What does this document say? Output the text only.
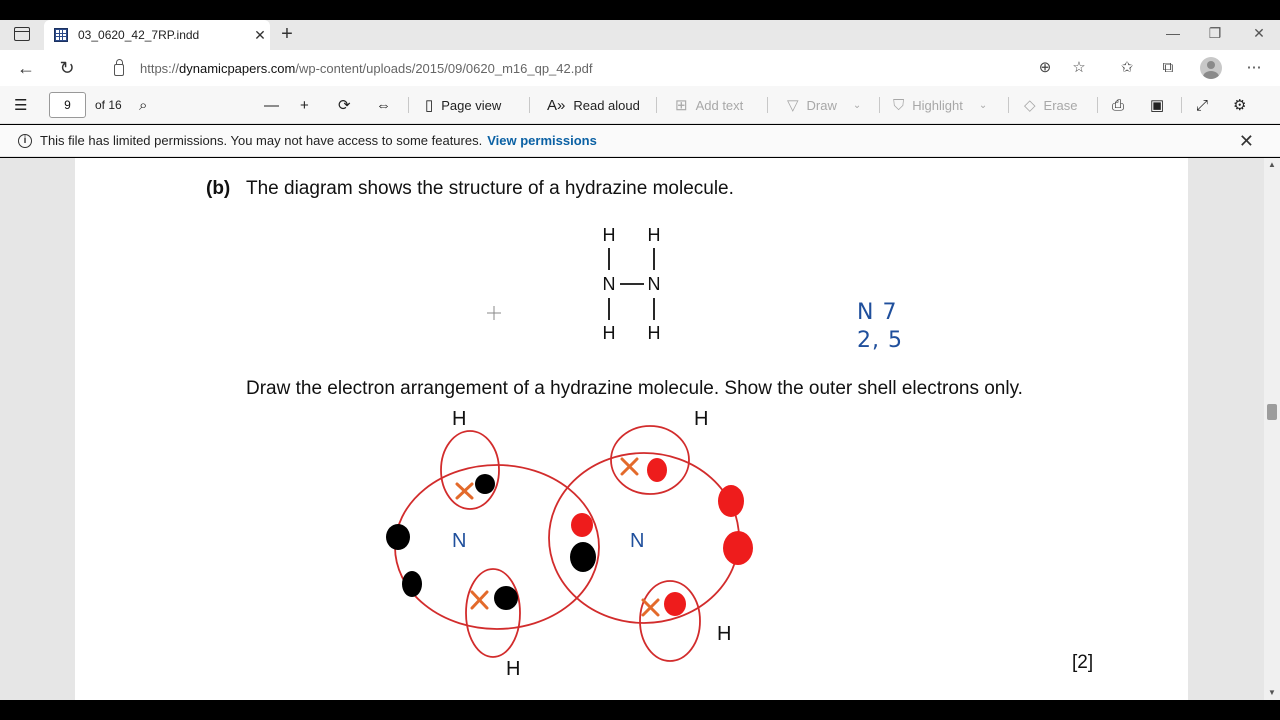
03_0620_42_7RP.indd	✕ +	— ❐ ✕
← ↻	https://dynamicpapers.com/wp-content/uploads/2015/09/0620_m16_qp_42.pdf	⊕	☆	✩	⧉	⋯
☰	9	of 16 ⌕	— + ⟳ ⇔ ▯ Page view	A» Read aloud ⊞ Add text	▽ Draw ⌄ ⛉ Highlight ⌄ ◇ Erase ⎙ ▣ ⤢ ⚙
i	This file has limited permissions. You may not have access to some features. View permissions	✕
(b) The diagram shows the structure of a hydrazine molecule.
H H
N N
H H
N 7
2, 5
Draw the electron arrangement of a hydrazine molecule. Show the outer shell electrons only.
H	H
H
H
N	N
[2]
▲
▼
